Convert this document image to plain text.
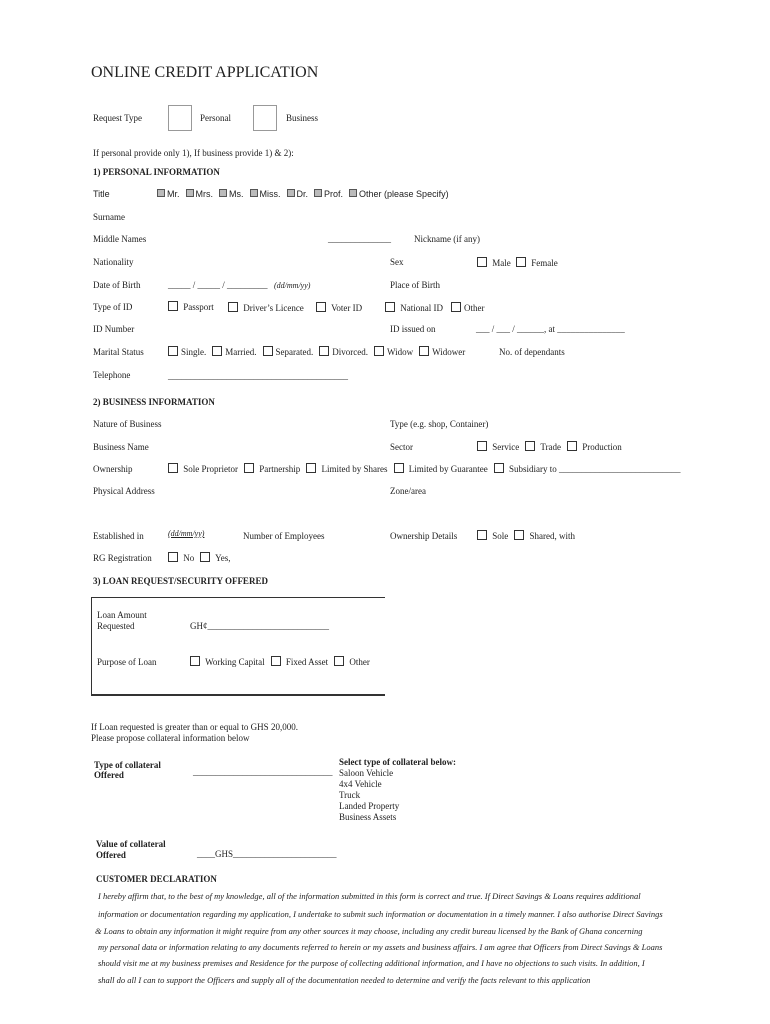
ONLINE CREDIT APPLICATION
Request Type	Personal	Business
If personal provide only 1), If business provide 1) & 2):
1) PERSONAL INFORMATION
Title	Mr. Mrs. Ms. Miss. Dr. Prof. Other (please Specify)
Surname
Middle Names	______________	Nickname (if any)
Nationality	Sex	Male	Female
Date of Birth	_____ / _____ / _________ (dd/mm/yy)	Place of Birth
Type of ID	Passport	Driver’s Licence	Voter ID	National ID	Other
ID Number	ID issued on	___ / ___ / ______, at _______________
Marital Status	Single. Married. Separated. Divorced. Widow Widower	No. of dependants
Telephone	________________________________________
2) BUSINESS INFORMATION
Nature of Business	Type (e.g. shop, Container)
Business Name	Sector	Service Trade Production
Ownership	Sole Proprietor Partnership Limited by Shares Limited by Guarantee Subsidiary to ___________________________
Physical Address	Zone/area
Established in	(dd/mm/yy)	Number of Employees	Ownership Details	Sole Shared, with
RG Registration	No Yes,
3) LOAN REQUEST/SECURITY OFFERED
Loan Amount
Requested	GH¢___________________________
Purpose of Loan	Working Capital Fixed Asset Other
If Loan requested is greater than or equal to GHS 20,000.
Please propose collateral information below
Type of collateral
Offered	_______________________________
Select type of collateral below:
Saloon Vehicle
4x4 Vehicle
Truck
Landed Property
Business Assets
Value of collateral
Offered	____GHS_______________________
CUSTOMER DECLARATION
I hereby affirm that, to the best of my knowledge, all of the information submitted in this form is correct and true. If Direct Savings & Loans requires additional
information or documentation regarding my application, I undertake to submit such information or documentation in a timely manner. I also authorise Direct Savings
& Loans to obtain any information it might require from any other sources it may choose, including any credit bureau licensed by the Bank of Ghana concerning
my personal data or information relating to any documents referred to herein or my assets and business affairs. I am agree that Officers from Direct Savings & Loans
should visit me at my business premises and Residence for the purpose of collecting additional information, and I have no objections to such visits. In addition, I
shall do all I can to support the Officers and supply all of the documentation needed to determine and verify the facts relevant to this application
